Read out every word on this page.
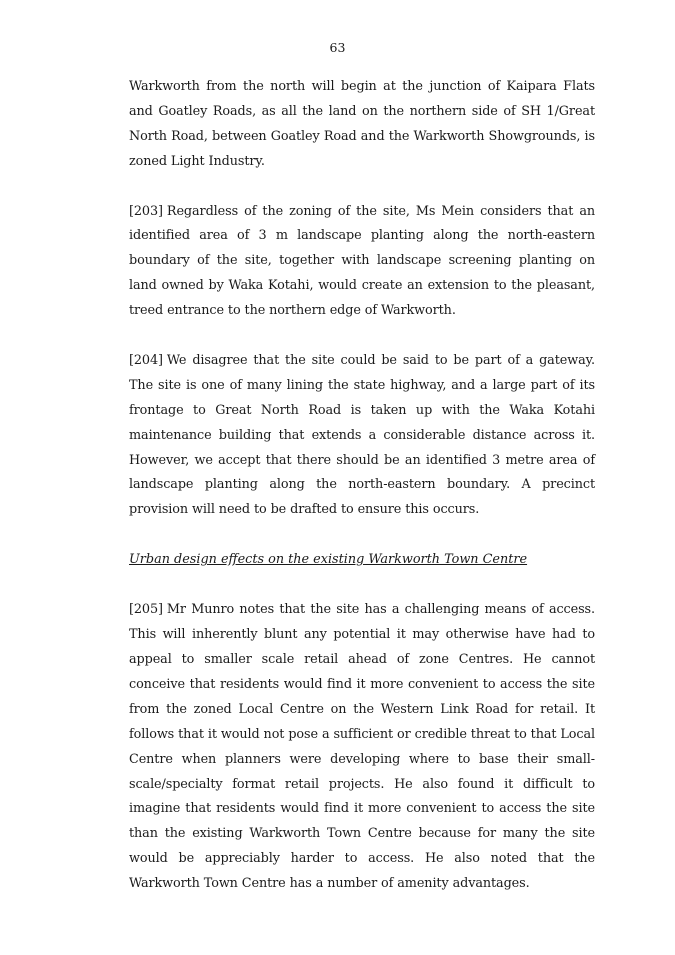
63

Warkworth from the north will begin at the junction of Kaipara Flats and Goatley Roads, as all the land on the northern side of SH 1/Great North Road, between Goatley Road and the Warkworth Showgrounds, is zoned Light Industry.

[203] Regardless of the zoning of the site, Ms Mein considers that an identified area of 3 m landscape planting along the north-eastern boundary of the site, together with landscape screening planting on land owned by Waka Kotahi, would create an extension to the pleasant, treed entrance to the northern edge of Warkworth.

[204] We disagree that the site could be said to be part of a gateway. The site is one of many lining the state highway, and a large part of its frontage to Great North Road is taken up with the Waka Kotahi maintenance building that extends a considerable distance across it. However, we accept that there should be an identified 3 metre area of landscape planting along the north-eastern boundary. A precinct provision will need to be drafted to ensure this occurs.

Urban design effects on the existing Warkworth Town Centre

[205] Mr Munro notes that the site has a challenging means of access. This will inherently blunt any potential it may otherwise have had to appeal to smaller scale retail ahead of zone Centres. He cannot conceive that residents would find it more convenient to access the site from the zoned Local Centre on the Western Link Road for retail. It follows that it would not pose a sufficient or credible threat to that Local Centre when planners were developing where to base their small-scale/specialty format retail projects. He also found it difficult to imagine that residents would find it more convenient to access the site than the existing Warkworth Town Centre because for many the site would be appreciably harder to access. He also noted that the Warkworth Town Centre has a number of amenity advantages.
